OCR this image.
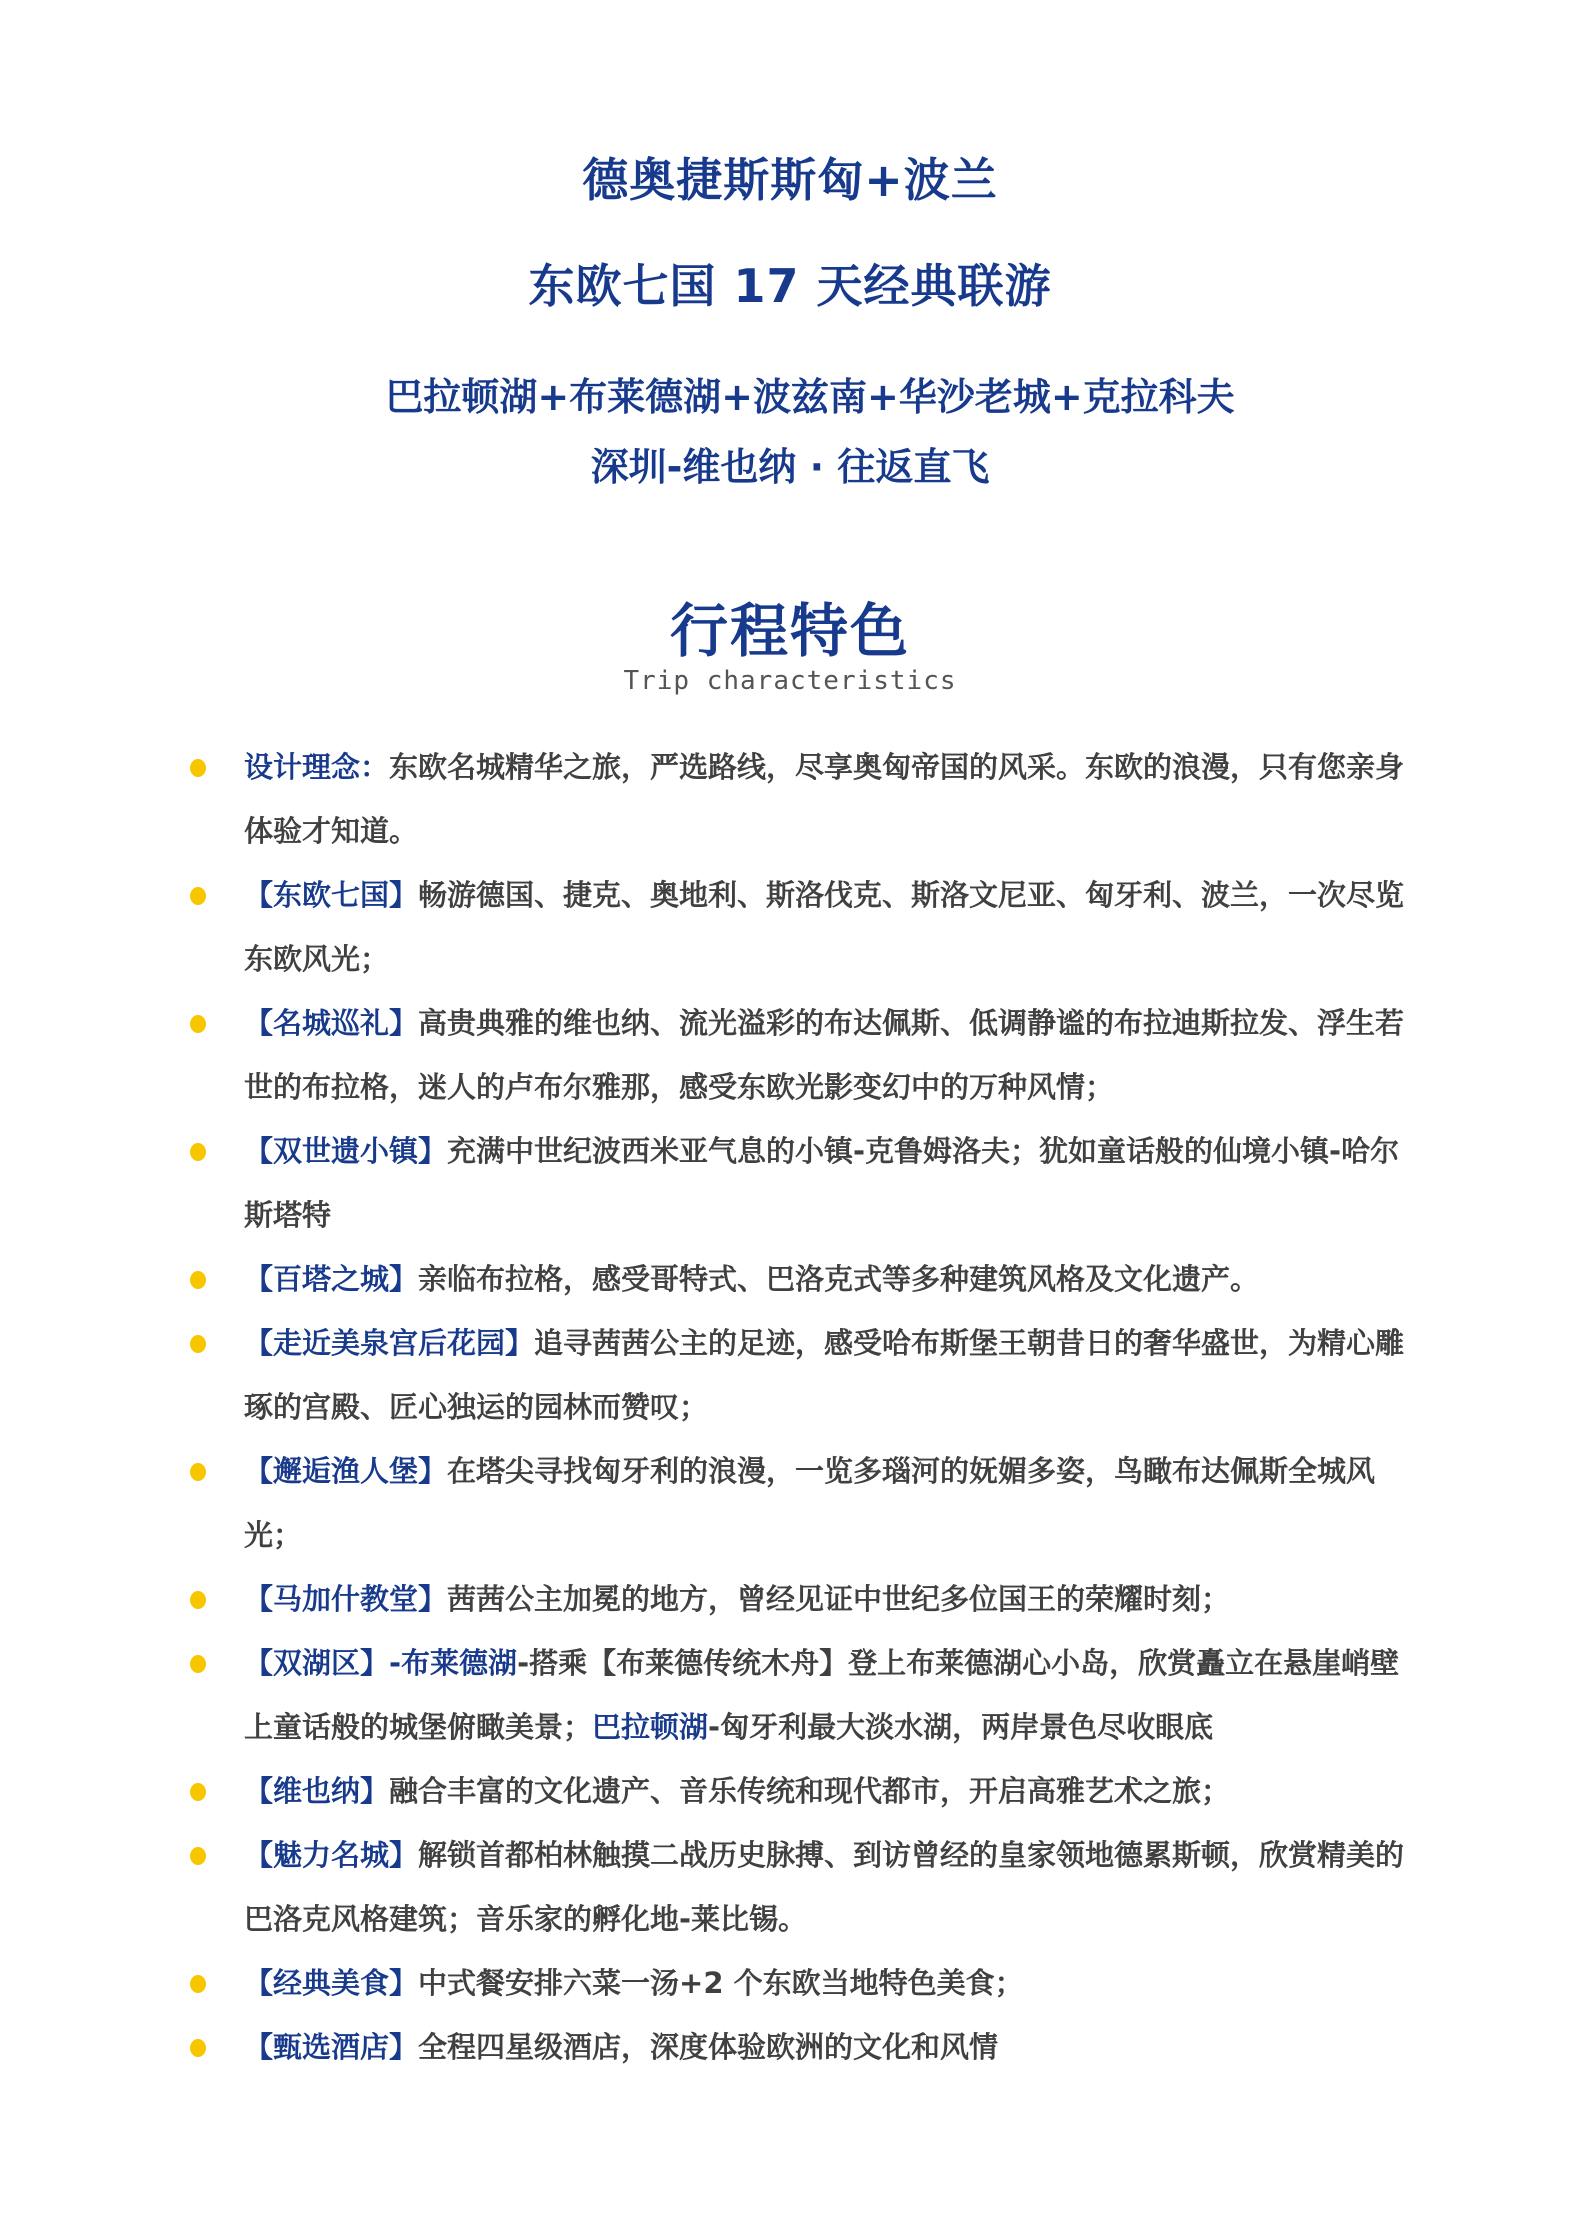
德奥捷斯斯匈+波兰
东欧七国 17 天经典联游
巴拉顿湖+布莱德湖+波兹南+华沙老城+克拉科夫
深圳-维也纳 · 往返直飞
行程特色
Trip characteristics
设计理念：东欧名城精华之旅，严选路线，尽享奥匈帝国的风采。东欧的浪漫，只有您亲身体验才知道。
【东欧七国】畅游德国、捷克、奥地利、斯洛伐克、斯洛文尼亚、匈牙利、波兰，一次尽览东欧风光；
【名城巡礼】高贵典雅的维也纳、流光溢彩的布达佩斯、低调静谧的布拉迪斯拉发、浮生若世的布拉格，迷人的卢布尔雅那，感受东欧光影变幻中的万种风情；
【双世遗小镇】充满中世纪波西米亚气息的小镇-克鲁姆洛夫；犹如童话般的仙境小镇-哈尔斯塔特
【百塔之城】亲临布拉格，感受哥特式、巴洛克式等多种建筑风格及文化遗产。
【走近美泉宫后花园】追寻茜茜公主的足迹，感受哈布斯堡王朝昔日的奢华盛世，为精心雕琢的宫殿、匠心独运的园林而赞叹；
【邂逅渔人堡】在塔尖寻找匈牙利的浪漫，一览多瑙河的妩媚多姿，鸟瞰布达佩斯全城风光；
【马加什教堂】茜茜公主加冕的地方，曾经见证中世纪多位国王的荣耀时刻；
【双湖区】-布莱德湖-搭乘【布莱德传统木舟】登上布莱德湖心小岛，欣赏矗立在悬崖峭壁上童话般的城堡俯瞰美景；巴拉顿湖-匈牙利最大淡水湖，两岸景色尽收眼底
【维也纳】融合丰富的文化遗产、音乐传统和现代都市，开启高雅艺术之旅；
【魅力名城】解锁首都柏林触摸二战历史脉搏、到访曾经的皇家领地德累斯顿，欣赏精美的巴洛克风格建筑；音乐家的孵化地-莱比锡。
【经典美食】中式餐安排六菜一汤+2 个东欧当地特色美食；
【甄选酒店】全程四星级酒店，深度体验欧洲的文化和风情
